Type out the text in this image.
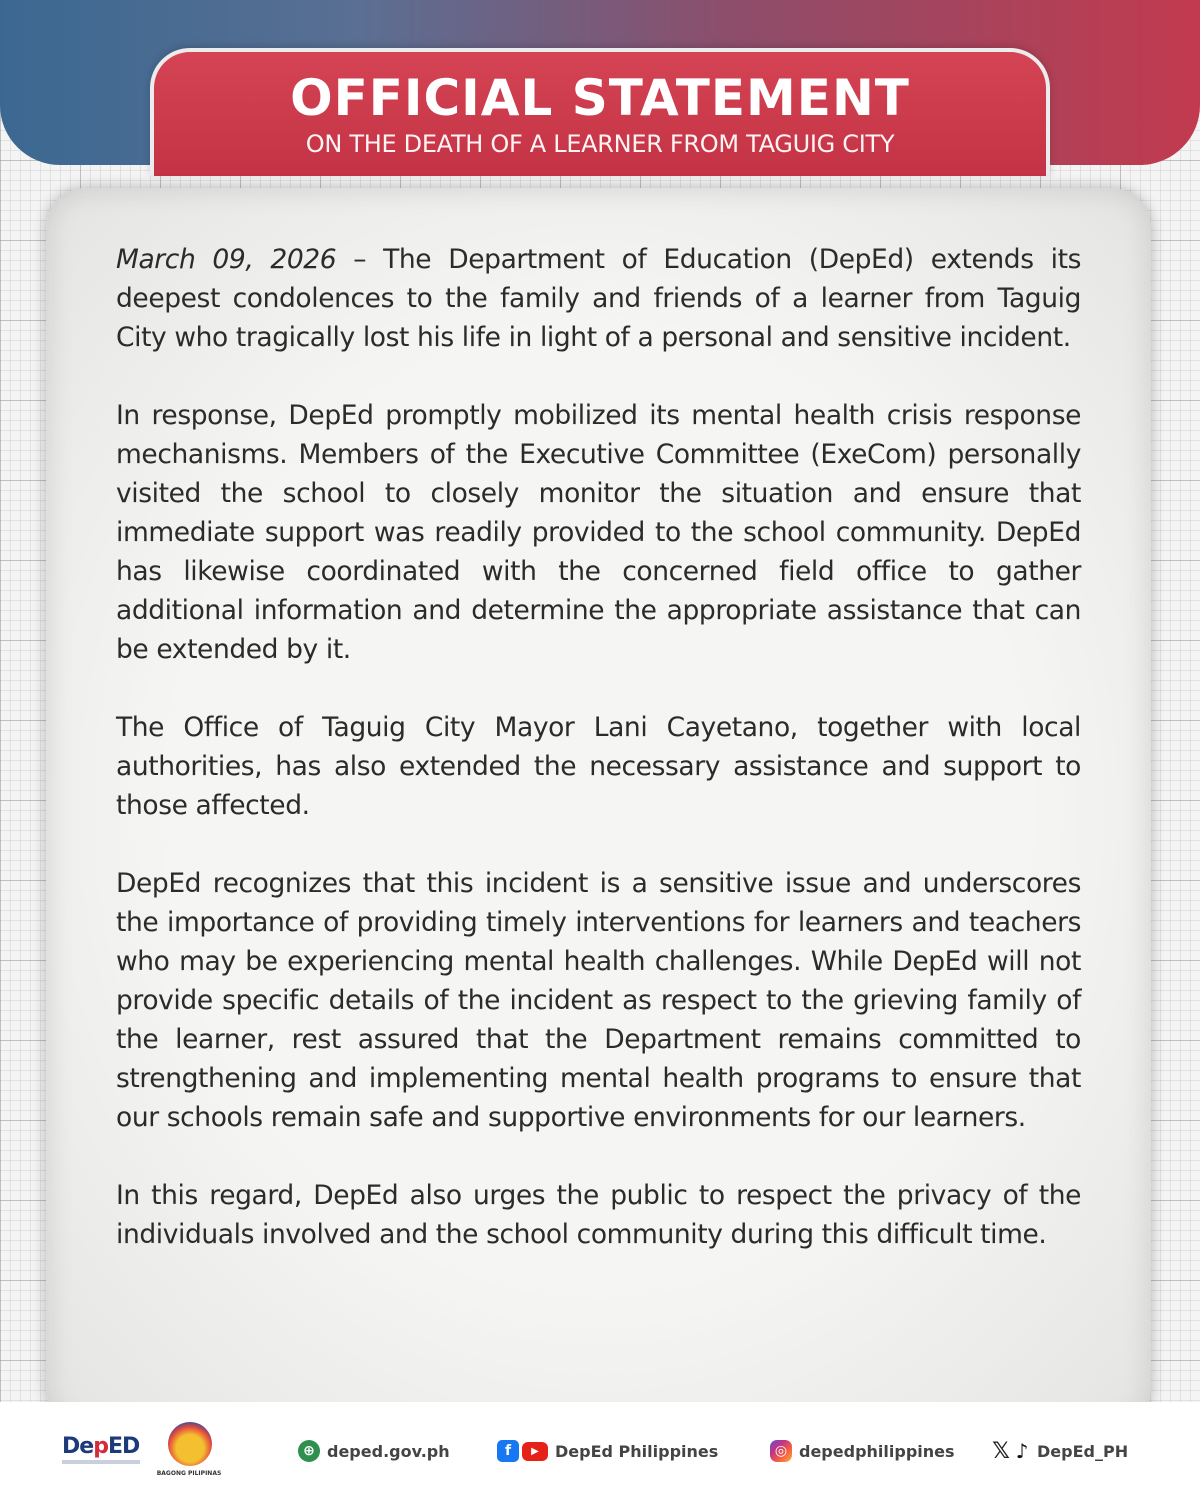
OFFICIAL STATEMENT
ON THE DEATH OF A LEARNER FROM TAGUIG CITY

March 09, 2026 – The Department of Education (DepEd) extends its deepest condolences to the family and friends of a learner from Taguig City who tragically lost his life in light of a personal and sensitive incident.

In response, DepEd promptly mobilized its mental health crisis response mechanisms. Members of the Executive Committee (ExeCom) personally visited the school to closely monitor the situation and ensure that immediate support was readily provided to the school community. DepEd has likewise coordinated with the concerned field office to gather additional information and determine the appropriate assistance that can be extended by it.

The Office of Taguig City Mayor Lani Cayetano, together with local authorities, has also extended the necessary assistance and support to those affected.

DepEd recognizes that this incident is a sensitive issue and underscores the importance of providing timely interventions for learners and teachers who may be experiencing mental health challenges. While DepEd will not provide specific details of the incident as respect to the grieving family of the learner, rest assured that the Department remains committed to strengthening and implementing mental health programs to ensure that our schools remain safe and supportive environments for our learners.

In this regard, DepEd also urges the public to respect the privacy of the individuals involved and the school community during this difficult time.

DepED
BAGONG PILIPINAS
⊕ deped.gov.ph	f	▶	DepEd Philippines	◎ depedphilippines 𝕏 ♪ DepEd_PH
